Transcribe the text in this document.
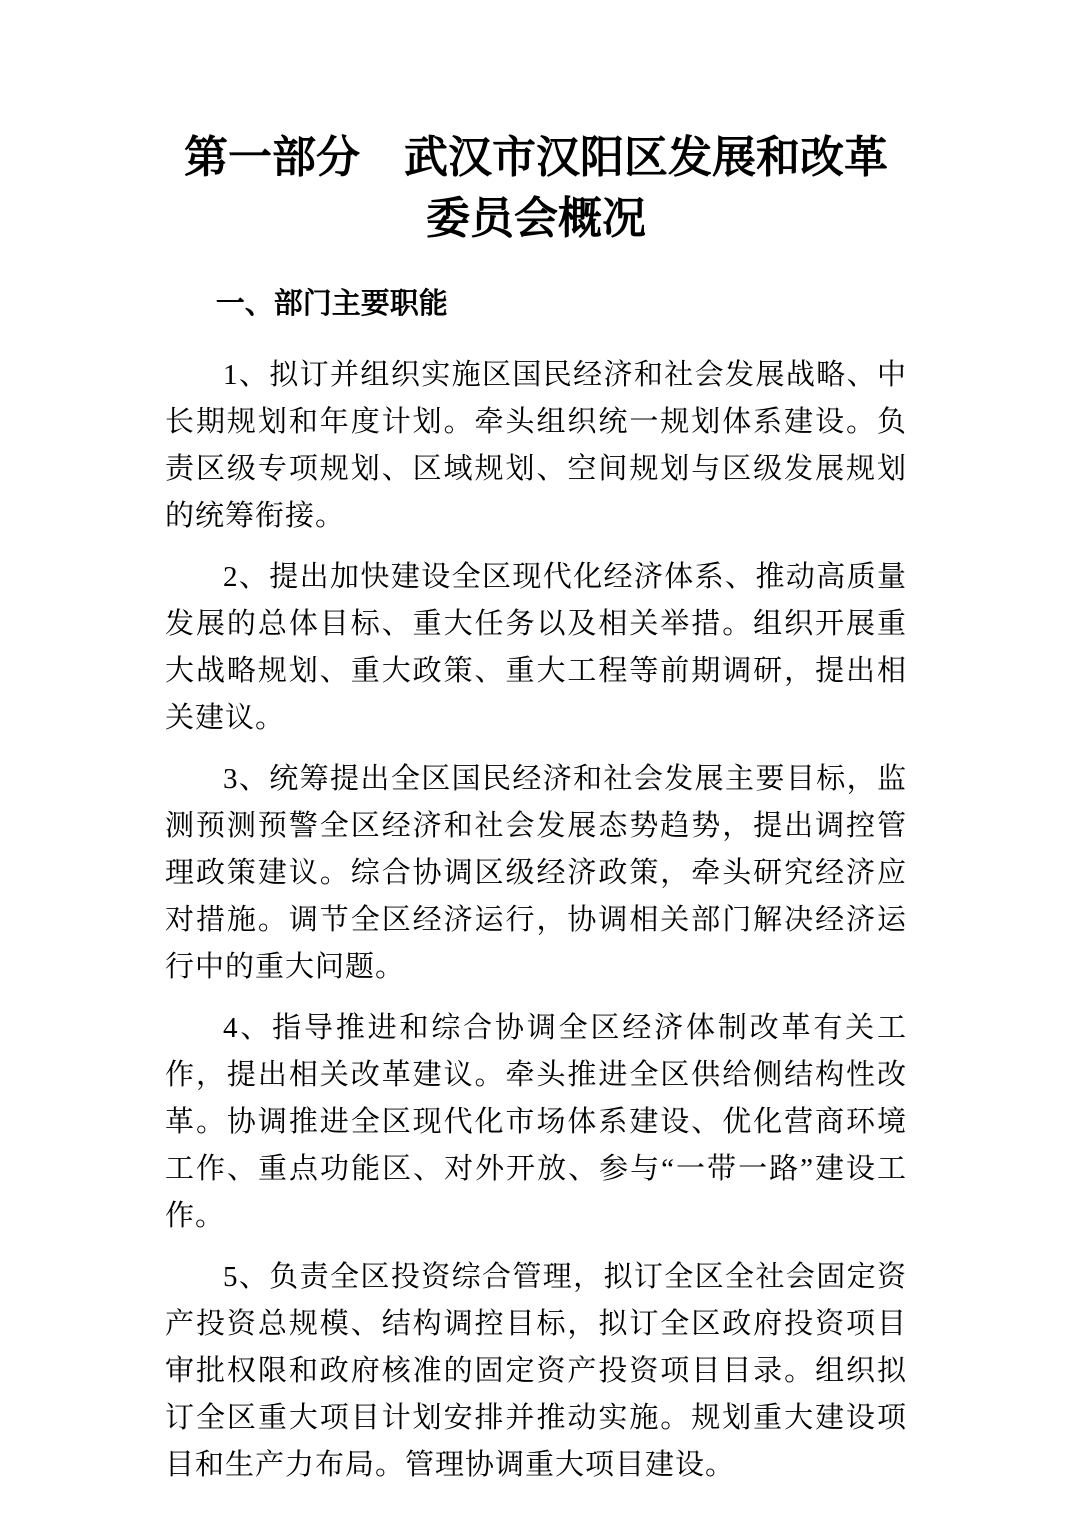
第一部分　武汉市汉阳区发展和改革委员会概况
一、部门主要职能

1、拟订并组织实施区国民经济和社会发展战略、中长期规划和年度计划。牵头组织统一规划体系建设。负责区级专项规划、区域规划、空间规划与区级发展规划的统筹衔接。

2、提出加快建设全区现代化经济体系、推动高质量发展的总体目标、重大任务以及相关举措。组织开展重大战略规划、重大政策、重大工程等前期调研，提出相关建议。

3、统筹提出全区国民经济和社会发展主要目标，监测预测预警全区经济和社会发展态势趋势，提出调控管理政策建议。综合协调区级经济政策，牵头研究经济应对措施。调节全区经济运行，协调相关部门解决经济运行中的重大问题。

4、指导推进和综合协调全区经济体制改革有关工作，提出相关改革建议。牵头推进全区供给侧结构性改革。协调推进全区现代化市场体系建设、优化营商环境工作、重点功能区、对外开放、参与“一带一路”建设工作。

5、负责全区投资综合管理，拟订全区全社会固定资产投资总规模、结构调控目标，拟订全区政府投资项目审批权限和政府核准的固定资产投资项目目录。组织拟订全区重大项目计划安排并推动实施。规划重大建设项目和生产力布局。管理协调重大项目建设。
